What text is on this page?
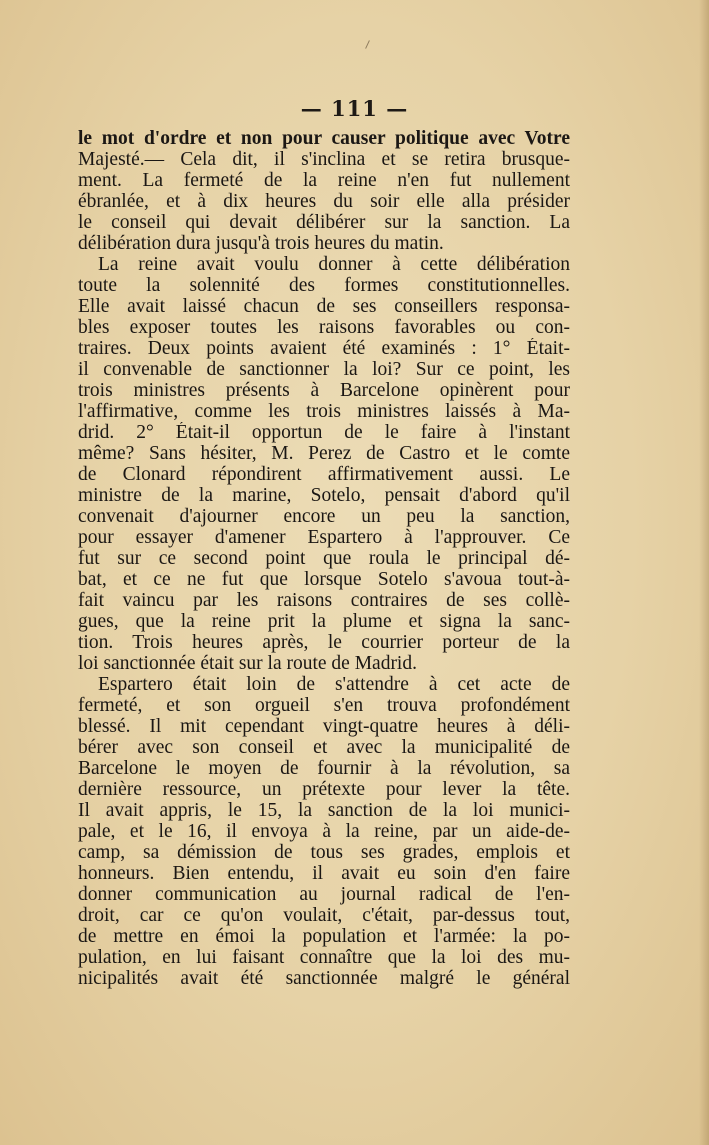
— 111 —
le mot d'ordre et non pour causer politique avec Votre
Majesté.— Cela dit, il s'inclina et se retira brusque-
ment. La fermeté de la reine n'en fut nullement
ébranlée, et à dix heures du soir elle alla présider
le conseil qui devait délibérer sur la sanction. La
délibération dura jusqu'à trois heures du matin.
La reine avait voulu donner à cette délibération
toute la solennité des formes constitutionnelles.
Elle avait laissé chacun de ses conseillers responsa-
bles exposer toutes les raisons favorables ou con-
traires. Deux points avaient été examinés : 1° Était-
il convenable de sanctionner la loi? Sur ce point, les
trois ministres présents à Barcelone opinèrent pour
l'affirmative, comme les trois ministres laissés à Ma-
drid. 2° Était-il opportun de le faire à l'instant
même? Sans hésiter, M. Perez de Castro et le comte
de Clonard répondirent affirmativement aussi. Le
ministre de la marine, Sotelo, pensait d'abord qu'il
convenait d'ajourner encore un peu la sanction,
pour essayer d'amener Espartero à l'approuver. Ce
fut sur ce second point que roula le principal dé-
bat, et ce ne fut que lorsque Sotelo s'avoua tout-à-
fait vaincu par les raisons contraires de ses collè-
gues, que la reine prit la plume et signa la sanc-
tion. Trois heures après, le courrier porteur de la
loi sanctionnée était sur la route de Madrid.
Espartero était loin de s'attendre à cet acte de
fermeté, et son orgueil s'en trouva profondément
blessé. Il mit cependant vingt-quatre heures à déli-
bérer avec son conseil et avec la municipalité de
Barcelone le moyen de fournir à la révolution, sa
dernière ressource, un prétexte pour lever la tête.
Il avait appris, le 15, la sanction de la loi munici-
pale, et le 16, il envoya à la reine, par un aide-de-
camp, sa démission de tous ses grades, emplois et
honneurs. Bien entendu, il avait eu soin d'en faire
donner communication au journal radical de l'en-
droit, car ce qu'on voulait, c'était, par-dessus tout,
de mettre en émoi la population et l'armée: la po-
pulation, en lui faisant connaître que la loi des mu-
nicipalités avait été sanctionnée malgré le général
